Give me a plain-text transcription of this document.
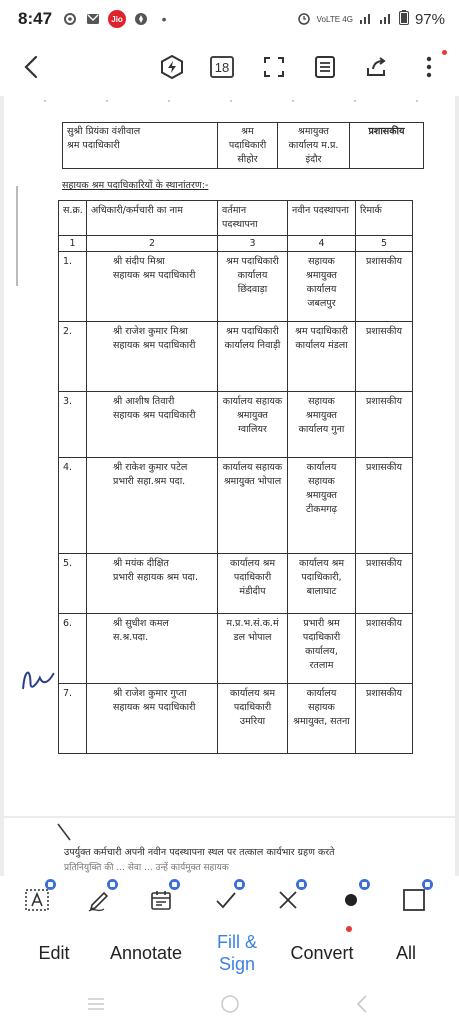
8:47	Jio	•	VoLTE 4G	97%
18
सुश्री प्रियंका वंशीवाल
श्रम पदाधिकारी
	श्रम पदाधिकारी सीहोर	श्रमायुक्त कार्यालय म.प्र. इंदौर	प्रशासकीय
सहायक श्रम पदाधिकारियों के स्थानांतरण:-
स.क्र.	अधिकारी/कर्मचारी का नाम	वर्तमान पदस्थापना	नवीन पदस्थापना	रिमार्क
1	2	3	4	5
1.	श्री संदीप मिश्रा
सहायक श्रम पदाधिकारी	श्रम पदाधिकारी कार्यालय छिंदवाड़ा	सहायक श्रमायुक्त कार्यालय जबलपुर	प्रशासकीय
2.	श्री राजेश कुमार मिश्रा
सहायक श्रम पदाधिकारी	श्रम पदाधिकारी कार्यालय निवाड़ी	श्रम पदाधिकारी कार्यालय मंडला	प्रशासकीय
3.	श्री आशीष तिवारी
सहायक श्रम पदाधिकारी	कार्यालय सहायक श्रमायुक्त ग्वालियर	सहायक श्रमायुक्त कार्यालय गुना	प्रशासकीय
4.	श्री राकेश कुमार पटेल
प्रभारी सहा.श्रम पदा.	कार्यालय सहायक श्रमायुक्त भोपाल	कार्यालय सहायक श्रमायुक्त टीकमगढ़	प्रशासकीय
5.	श्री मयंक दीक्षित
प्रभारी सहायक श्रम पदा.	कार्यालय श्रम पदाधिकारी मंडीदीप	कार्यालय श्रम पदाधिकारी, बालाघाट	प्रशासकीय
6.	श्री सुधीश कमल
स.श्र.पदा.	म.प्र.भ.सं.क.मं डल भोपाल	प्रभारी श्रम पदाधिकारी कार्यालय, रतलाम	प्रशासकीय
7.	श्री राजेश कुमार गुप्ता
सहायक श्रम पदाधिकारी	कार्यालय श्रम पदाधिकारी उमरिया	कार्यालय सहायक श्रमायुक्त, सतना	प्रशासकीय
उपर्युक्त कर्मचारी अपनी नवीन पदस्थापना स्थल पर तत्काल कार्यभार ग्रहण करते
प्रतिनियुक्ति की ... सेवा ... उन्हें कार्यमुक्त सहायक
Edit	Annotate
Fill & Sign
Convert	All
